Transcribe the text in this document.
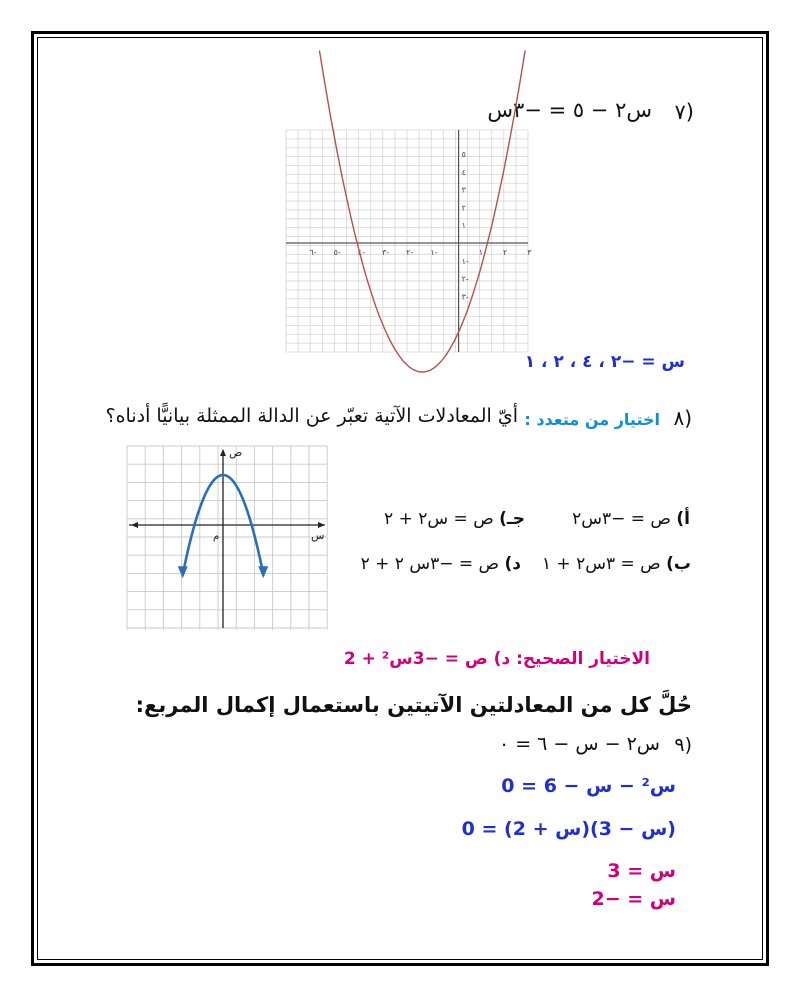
٧)
س٢ − ٥ = −٣س
٦- ٥- ٤- ٣- ٢- ١-	١ ٢ ٣
٥
٤
٣
٢
١
١-
٢-
٣-
س = −٢ ، ٤ ، ٢ ، ١
٨)
اختيار من متعدد :
أيّ المعادلات الآتية تعبّر عن الدالة الممثلة بيانيًّا أدناه؟
ص
س
م
أ) ص = −٣س٢
ب) ص = ٣س٢ + ١
جـ) ص = س٢ + ٢
د) ص = −٣س ٢ + ٢
الاختيار الصحيح: د) ص = −3س² + 2
حُلَّ كل من المعادلتين الآتيتين باستعمال إكمال المربع:
٩)
س٢ − س − ٦ = ٠
س² − س − 6 = 0
(س − 3)(س + 2) = 0
س = 3
س = −2
